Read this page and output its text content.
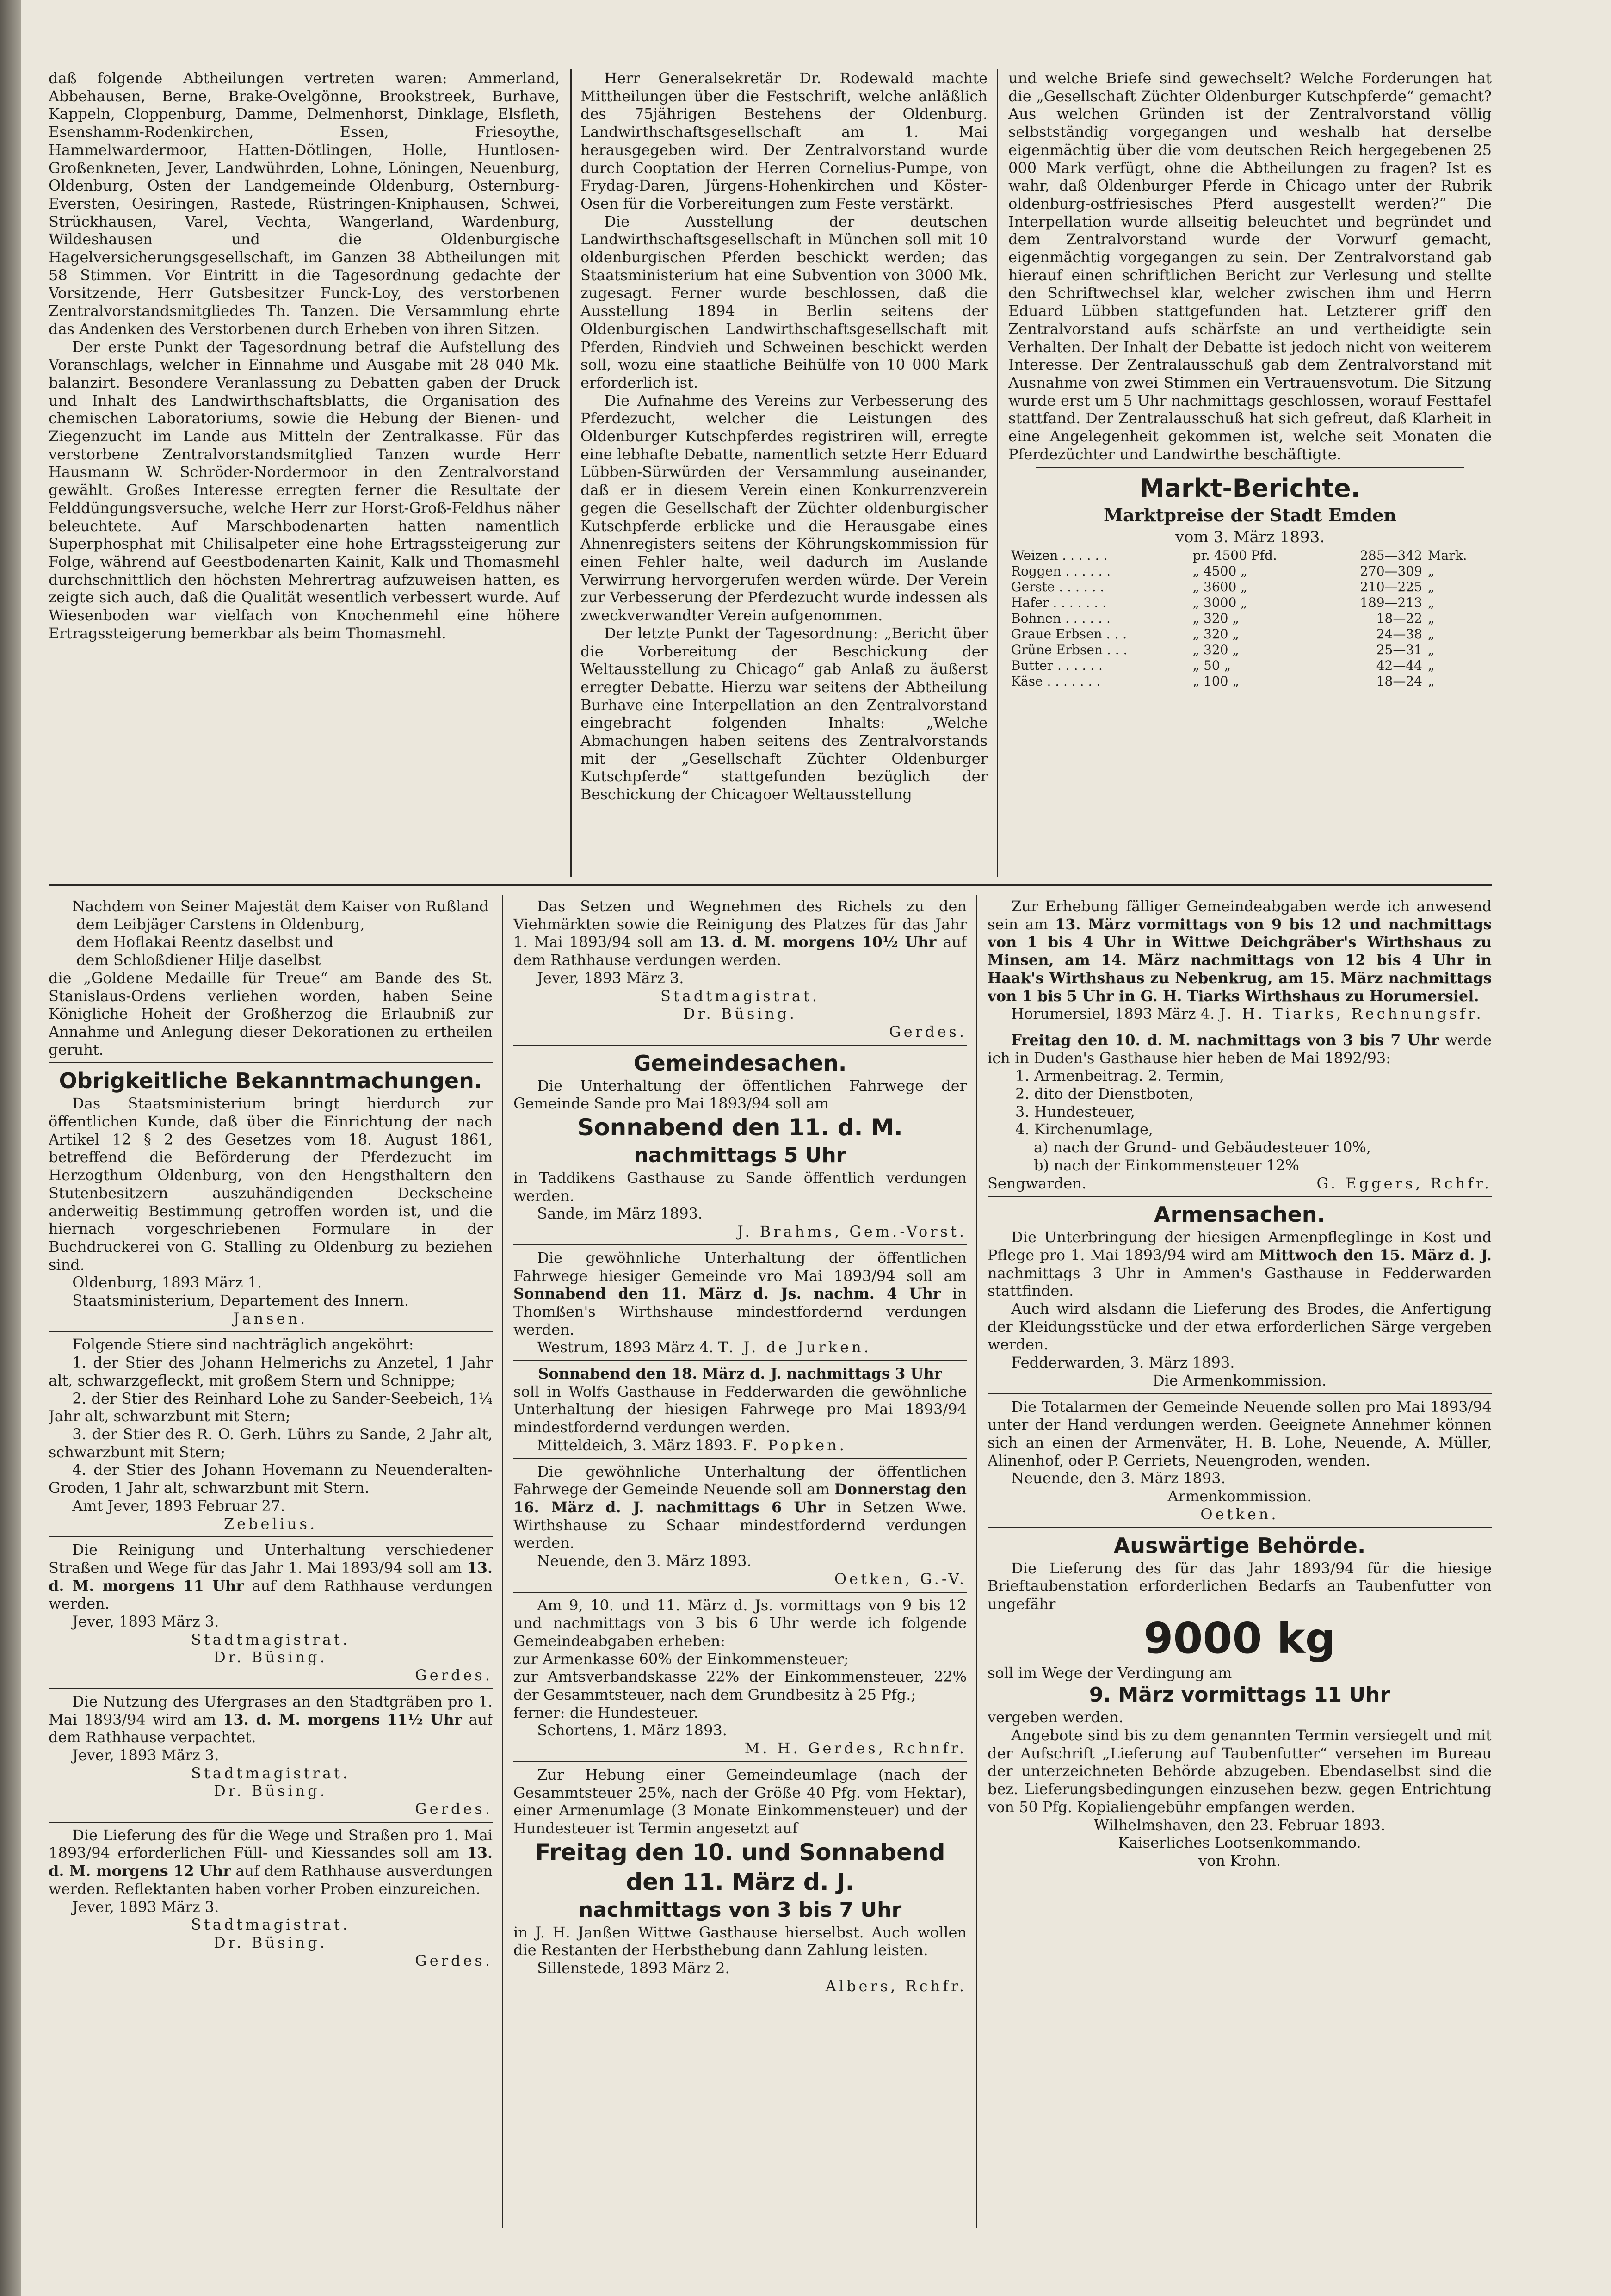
daß folgende Abtheilungen vertreten waren: Ammerland, Abbehausen, Berne, Brake-Ovelgönne, Brookstreek, Burhave, Kappeln, Cloppenburg, Damme, Delmenhorst, Dinklage, Elsfleth, Esenshamm-Rodenkirchen, Essen, Friesoythe, Hammelwardermoor, Hatten-Dötlingen, Holle, Huntlosen-Großenkneten, Jever, Landwührden, Lohne, Löningen, Neuenburg, Oldenburg, Osten der Landgemeinde Oldenburg, Osternburg-Eversten, Oesiringen, Rastede, Rüstringen-Kniphausen, Schwei, Strückhausen, Varel, Vechta, Wangerland, Wardenburg, Wildeshausen und die Oldenburgische Hagelversicherungsgesellschaft, im Ganzen 38 Abtheilungen mit 58 Stimmen. Vor Eintritt in die Tagesordnung gedachte der Vorsitzende, Herr Gutsbesitzer Funck-Loy, des verstorbenen Zentralvorstandsmitgliedes Th. Tanzen. Die Versammlung ehrte das Andenken des Verstorbenen durch Erheben von ihren Sitzen.

Der erste Punkt der Tagesordnung betraf die Aufstellung des Voranschlags, welcher in Einnahme und Ausgabe mit 28 040 Mk. balanzirt. Besondere Veranlassung zu Debatten gaben der Druck und Inhalt des Landwirthschaftsblatts, die Organisation des chemischen Laboratoriums, sowie die Hebung der Bienen- und Ziegenzucht im Lande aus Mitteln der Zentralkasse. Für das verstorbene Zentralvorstandsmitglied Tanzen wurde Herr Hausmann W. Schröder-Nordermoor in den Zentralvorstand gewählt. Großes Interesse erregten ferner die Resultate der Felddüngungsversuche, welche Herr zur Horst-Groß-Feldhus näher beleuchtete. Auf Marschbodenarten hatten namentlich Superphosphat mit Chilisalpeter eine hohe Ertragssteigerung zur Folge, während auf Geestbodenarten Kainit, Kalk und Thomasmehl durchschnittlich den höchsten Mehrertrag aufzuweisen hatten, es zeigte sich auch, daß die Qualität wesentlich verbessert wurde. Auf Wiesenboden war vielfach von Knochenmehl eine höhere Ertragssteigerung bemerkbar als beim Thomasmehl.

Herr Generalsekretär Dr. Rodewald machte Mittheilungen über die Festschrift, welche anläßlich des 75jährigen Bestehens der Oldenburg. Landwirthschaftsgesellschaft am 1. Mai herausgegeben wird. Der Zentralvorstand wurde durch Cooptation der Herren Cornelius-Pumpe, von Frydag-Daren, Jürgens-Hohenkirchen und Köster-Osen für die Vorbereitungen zum Feste verstärkt.

Die Ausstellung der deutschen Landwirthschaftsgesellschaft in München soll mit 10 oldenburgischen Pferden beschickt werden; das Staatsministerium hat eine Subvention von 3000 Mk. zugesagt. Ferner wurde beschlossen, daß die Ausstellung 1894 in Berlin seitens der Oldenburgischen Landwirthschaftsgesellschaft mit Pferden, Rindvieh und Schweinen beschickt werden soll, wozu eine staatliche Beihülfe von 10 000 Mark erforderlich ist.

Die Aufnahme des Vereins zur Verbesserung des Pferdezucht, welcher die Leistungen des Oldenburger Kutschpferdes registriren will, erregte eine lebhafte Debatte, namentlich setzte Herr Eduard Lübben-Sürwürden der Versammlung auseinander, daß er in diesem Verein einen Konkurrenzverein gegen die Gesellschaft der Züchter oldenburgischer Kutschpferde erblicke und die Herausgabe eines Ahnenregisters seitens der Köhrungskommission für einen Fehler halte, weil dadurch im Auslande Verwirrung hervorgerufen werden würde. Der Verein zur Verbesserung der Pferdezucht wurde indessen als zweckverwandter Verein aufgenommen.

Der letzte Punkt der Tagesordnung: „Bericht über die Vorbereitung der Beschickung der Weltausstellung zu Chicago“ gab Anlaß zu äußerst erregter Debatte. Hierzu war seitens der Abtheilung Burhave eine Interpellation an den Zentralvorstand eingebracht folgenden Inhalts: „Welche Abmachungen haben seitens des Zentralvorstands mit der „Gesellschaft Züchter Oldenburger Kutschpferde“ stattgefunden bezüglich der Beschickung der Chicagoer Weltausstellung

und welche Briefe sind gewechselt? Welche Forderungen hat die „Gesellschaft Züchter Oldenburger Kutschpferde“ gemacht? Aus welchen Gründen ist der Zentralvorstand völlig selbstständig vorgegangen und weshalb hat derselbe eigenmächtig über die vom deutschen Reich hergegebenen 25 000 Mark verfügt, ohne die Abtheilungen zu fragen? Ist es wahr, daß Oldenburger Pferde in Chicago unter der Rubrik oldenburg-ostfriesisches Pferd ausgestellt werden?“ Die Interpellation wurde allseitig beleuchtet und begründet und dem Zentralvorstand wurde der Vorwurf gemacht, eigenmächtig vorgegangen zu sein. Der Zentralvorstand gab hierauf einen schriftlichen Bericht zur Verlesung und stellte den Schriftwechsel klar, welcher zwischen ihm und Herrn Eduard Lübben stattgefunden hat. Letzterer griff den Zentralvorstand aufs schärfste an und vertheidigte sein Verhalten. Der Inhalt der Debatte ist jedoch nicht von weiterem Interesse. Der Zentralausschuß gab dem Zentralvorstand mit Ausnahme von zwei Stimmen ein Vertrauensvotum. Die Sitzung wurde erst um 5 Uhr nachmittags geschlossen, worauf Festtafel stattfand. Der Zentralausschuß hat sich gefreut, daß Klarheit in eine Angelegenheit gekommen ist, welche seit Monaten die Pferdezüchter und Landwirthe beschäftigte.

Markt-Berichte.
Marktpreise der Stadt Emden
vom 3. März 1893.
Weizen . . . . . .	pr. 4500 Pfd.	285—342	Mark.
Roggen . . . . . .	„ 4500 „	270—309	„
Gerste . . . . . .	„ 3600 „	210—225	„
Hafer . . . . . . .	„ 3000 „	189—213	„
Bohnen . . . . . .	„ 320 „	18—22	„
Graue Erbsen . . .	„ 320 „	24—38	„
Grüne Erbsen . . .	„ 320 „	25—31	„
Butter . . . . . .	„ 50 „	42—44	„
Käse . . . . . . .	„ 100 „	18—24	„

Nachdem von Seiner Majestät dem Kaiser von Rußland

dem Leibjäger Carstens in Oldenburg,

dem Hoflakai Reentz daselbst und

dem Schloßdiener Hilje daselbst

die „Goldene Medaille für Treue“ am Bande des St. Stanislaus-Ordens verliehen worden, haben Seine Königliche Hoheit der Großherzog die Erlaubniß zur Annahme und Anlegung dieser Dekorationen zu ertheilen geruht.

Obrigkeitliche Bekanntmachungen.

Das Staatsministerium bringt hierdurch zur öffentlichen Kunde, daß über die Einrichtung der nach Artikel 12 § 2 des Gesetzes vom 18. August 1861, betreffend die Beförderung der Pferdezucht im Herzogthum Oldenburg, von den Hengsthaltern den Stutenbesitzern auszuhändigenden Deckscheine anderweitig Bestimmung getroffen worden ist, und die hiernach vorgeschriebenen Formulare in der Buchdruckerei von G. Stalling zu Oldenburg zu beziehen sind.

Oldenburg, 1893 März 1.

Staatsministerium, Departement des Innern.

Jansen.

Folgende Stiere sind nachträglich angeköhrt:

1. der Stier des Johann Helmerichs zu Anzetel, 1 Jahr alt, schwarzgefleckt, mit großem Stern und Schnippe;

2. der Stier des Reinhard Lohe zu Sander-Seebeich, 1¼ Jahr alt, schwarzbunt mit Stern;

3. der Stier des R. O. Gerh. Lührs zu Sande, 2 Jahr alt, schwarzbunt mit Stern;

4. der Stier des Johann Hovemann zu Neuenderalten-Groden, 1 Jahr alt, schwarzbunt mit Stern.

Amt Jever, 1893 Februar 27.

Zebelius.

Die Reinigung und Unterhaltung verschiedener Straßen und Wege für das Jahr 1. Mai 1893/94 soll am 13. d. M. morgens 11 Uhr auf dem Rathhause verdungen werden.

Jever, 1893 März 3.

Stadtmagistrat.

Dr. Büsing.

Gerdes.

Die Nutzung des Ufergrases an den Stadtgräben pro 1. Mai 1893/94 wird am 13. d. M. morgens 11½ Uhr auf dem Rathhause verpachtet.

Jever, 1893 März 3.

Stadtmagistrat.

Dr. Büsing.

Gerdes.

Die Lieferung des für die Wege und Straßen pro 1. Mai 1893/94 erforderlichen Füll- und Kiessandes soll am 13. d. M. morgens 12 Uhr auf dem Rathhause ausverdungen werden. Reflektanten haben vorher Proben einzureichen.

Jever, 1893 März 3.

Stadtmagistrat.

Dr. Büsing.

Gerdes.

Das Setzen und Wegnehmen des Richels zu den Viehmärkten sowie die Reinigung des Platzes für das Jahr 1. Mai 1893/94 soll am 13. d. M. morgens 10½ Uhr auf dem Rathhause verdungen werden.

Jever, 1893 März 3.

Stadtmagistrat.

Dr. Büsing.

Gerdes.

Gemeindesachen.

Die Unterhaltung der öffentlichen Fahrwege der Gemeinde Sande pro Mai 1893/94 soll am

Sonnabend den 11. d. M.
nachmittags 5 Uhr

in Taddikens Gasthause zu Sande öffentlich verdungen werden.

Sande, im März 1893.

J. Brahms, Gem.-Vorst.

Die gewöhnliche Unterhaltung der öffentlichen Fahrwege hiesiger Gemeinde vro Mai 1893/94 soll am Sonnabend den 11. März d. Js. nachm. 4 Uhr in Thomßen's Wirthshause mindestfordernd verdungen werden.

Westrum, 1893 März 4. T. J. de Jurken.

Sonnabend den 18. März d. J. nachmittags 3 Uhr

soll in Wolfs Gasthause in Fedderwarden die gewöhnliche Unterhaltung der hiesigen Fahrwege pro Mai 1893/94 mindestfordernd verdungen werden.

Mitteldeich, 3. März 1893. F. Popken.

Die gewöhnliche Unterhaltung der öffentlichen Fahrwege der Gemeinde Neuende soll am Donnerstag den 16. März d. J. nachmittags 6 Uhr in Setzen Wwe. Wirthshause zu Schaar mindestfordernd verdungen werden.

Neuende, den 3. März 1893.

Oetken, G.-V.

Am 9, 10. und 11. März d. Js. vormittags von 9 bis 12 und nachmittags von 3 bis 6 Uhr werde ich folgende Gemeindeabgaben erheben:

zur Armenkasse 60% der Einkommensteuer;

zur Amtsverbandskasse 22% der Einkommensteuer, 22% der Gesammtsteuer, nach dem Grundbesitz à 25 Pfg.;

ferner: die Hundesteuer.

Schortens, 1. März 1893.

M. H. Gerdes, Rchnfr.

Zur Hebung einer Gemeindeumlage (nach der Gesammtsteuer 25%, nach der Größe 40 Pfg. vom Hektar), einer Armenumlage (3 Monate Einkommensteuer) und der Hundesteuer ist Termin angesetzt auf

Freitag den 10. und Sonnabend den 11. März d. J.
nachmittags von 3 bis 7 Uhr

in J. H. Janßen Wittwe Gasthause hierselbst. Auch wollen die Restanten der Herbsthebung dann Zahlung leisten.

Sillenstede, 1893 März 2.

Albers, Rchfr.

Zur Erhebung fälliger Gemeindeabgaben werde ich anwesend sein am 13. März vormittags von 9 bis 12 und nachmittags von 1 bis 4 Uhr in Wittwe Deichgräber's Wirthshaus zu Minsen, am 14. März nachmittags von 12 bis 4 Uhr in Haak's Wirthshaus zu Nebenkrug, am 15. März nachmittags von 1 bis 5 Uhr in G. H. Tiarks Wirthshaus zu Horumersiel.

Horumersiel, 1893 März 4. J. H. Tiarks, Rechnungsfr.

Freitag den 10. d. M. nachmittags von 3 bis 7 Uhr werde ich in Duden's Gasthause hier heben de Mai 1892/93:

1. Armenbeitrag. 2. Termin,

2. dito der Dienstboten,

3. Hundesteuer,

4. Kirchenumlage,

a) nach der Grund- und Gebäudesteuer 10%,

b) nach der Einkommensteuer 12%

Sengwarden.	G. Eggers, Rchfr.

Armensachen.

Die Unterbringung der hiesigen Armenpfleglinge in Kost und Pflege pro 1. Mai 1893/94 wird am Mittwoch den 15. März d. J. nachmittags 3 Uhr in Ammen's Gasthause in Fedderwarden stattfinden.

Auch wird alsdann die Lieferung des Brodes, die Anfertigung der Kleidungsstücke und der etwa erforderlichen Särge vergeben werden.

Fedderwarden, 3. März 1893.

Die Armenkommission.

Die Totalarmen der Gemeinde Neuende sollen pro Mai 1893/94 unter der Hand verdungen werden. Geeignete Annehmer können sich an einen der Armenväter, H. B. Lohe, Neuende, A. Müller, Alinenhof, oder P. Gerriets, Neuengroden, wenden.

Neuende, den 3. März 1893.

Armenkommission.

Oetken.

Auswärtige Behörde.

Die Lieferung des für das Jahr 1893/94 für die hiesige Brieftaubenstation erforderlichen Bedarfs an Taubenfutter von ungefähr

9000 kg

soll im Wege der Verdingung am

9. März vormittags 11 Uhr

vergeben werden.

Angebote sind bis zu dem genannten Termin versiegelt und mit der Aufschrift „Lieferung auf Taubenfutter“ versehen im Bureau der unterzeichneten Behörde abzugeben. Ebendaselbst sind die bez. Lieferungsbedingungen einzusehen bezw. gegen Entrichtung von 50 Pfg. Kopialiengebühr empfangen werden.

Wilhelmshaven, den 23. Februar 1893.

Kaiserliches Lootsenkommando.

von Krohn.
